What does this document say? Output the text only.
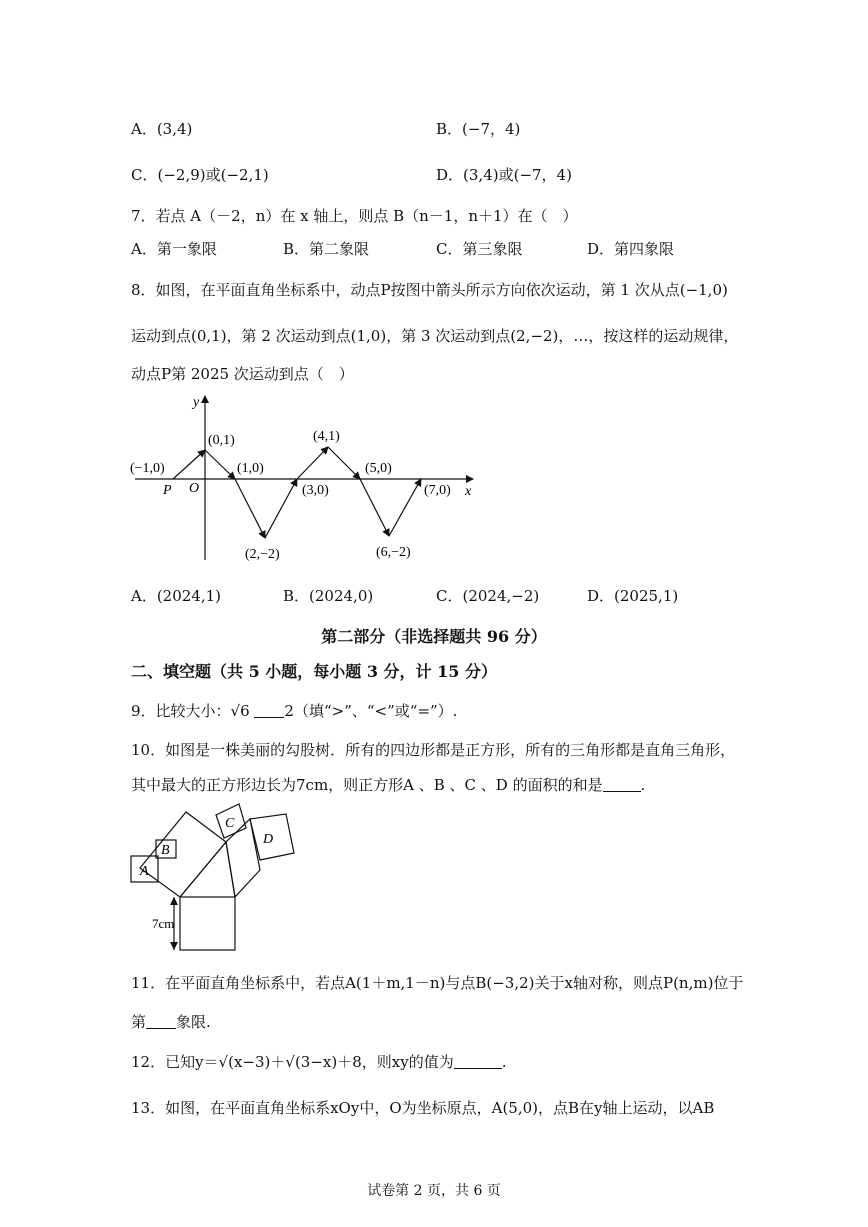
A．(3,4)	B．(−7，4)
C．(−2,9)或(−2,1)	D．(3,4)或(−7，4)
7．若点 A（－2，n）在 x 轴上，则点 B（n－1，n＋1）在（　）
A．第一象限	B．第二象限	C．第三象限	D．第四象限
8．如图，在平面直角坐标系中，动点P按图中箭头所示方向依次运动，第 1 次从点(−1,0)
运动到点(0,1)，第 2 次运动到点(1,0)，第 3 次运动到点(2,−2)，…，按这样的运动规律，
动点P第 2025 次运动到点（　）
x
y
O
P
(−1,0)
(0,1)
(1,0)
(2,−2)
(3,0)
(4,1)
(5,0)
(6,−2)
(7,0)
A．(2024,1)	B．(2024,0)	C．(2024,−2)	D．(2025,1)
第二部分（非选择题共 96 分）
二、填空题（共 5 小题，每小题 3 分，计 15 分）
9．比较大小：√6 2（填“>”、“<”或“=”）.
10．如图是一株美丽的勾股树．所有的四边形都是正方形，所有的三角形都是直角三角形，
其中最大的正方形边长为7cm，则正方形A 、B 、C 、D 的面积的和是	.
A
B
C
D
7cm
11．在平面直角坐标系中，若点A(1＋m,1－n)与点B(−3,2)关于x轴对称，则点P(n,m)位于
第 象限.
12．已知y＝√(x−3)＋√(3−x)＋8，则xy的值为	.
13．如图，在平面直角坐标系xOy中，O为坐标原点，A(5,0)，点B在y轴上运动，以AB
试卷第 2 页，共 6 页
